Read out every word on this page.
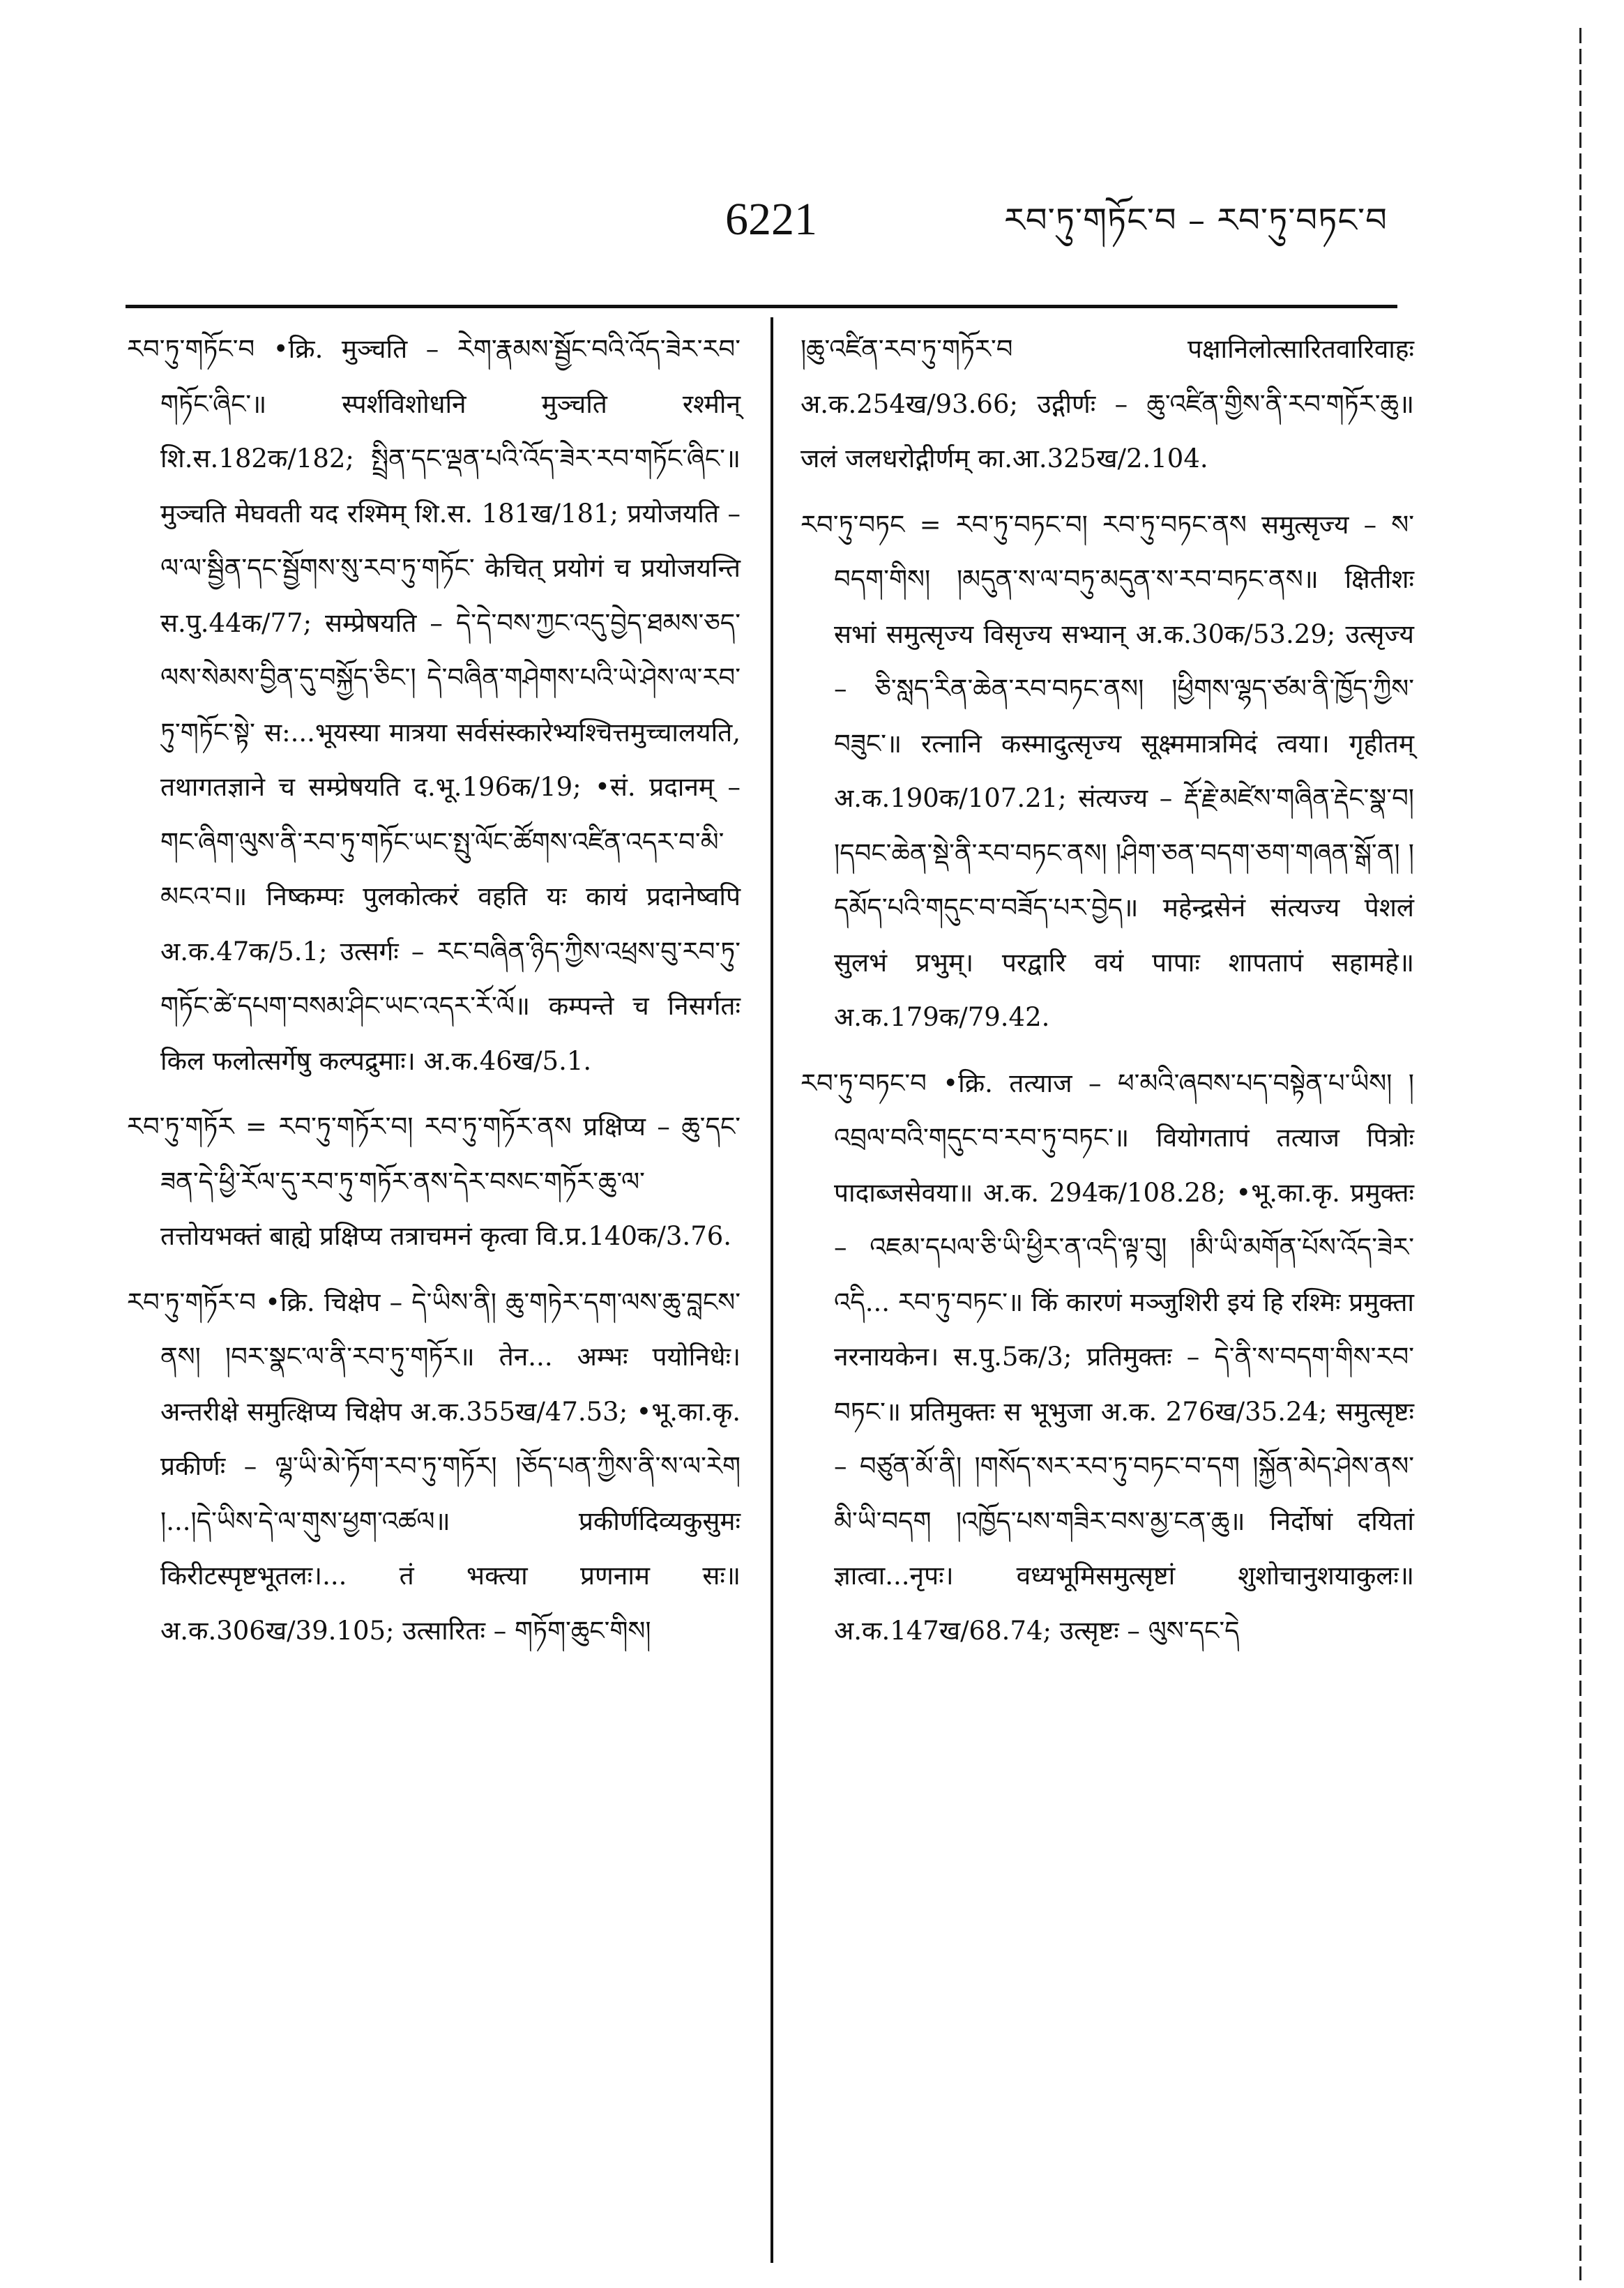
6221	རབ་ཏུ་གཏོང་བ – རབ་ཏུ་བཏང་བ

རབ་ཏུ་གཏོང་བ •क्रि. मुञ्चति – རེག་རྣམས་སྦྱོང་བའི་འོད་ཟེར་རབ་གཏོང་ཞིང་॥ स्पर्शविशोधनि मुञ्चति रश्मीन् शि.स.182क/182; སྤྲིན་དང་ལྡན་པའི་འོད་ཟེར་རབ་གཏོང་ཞིང་॥ मुञ्चति मेघवती यद रश्मिम् शि.स. 181ख/181; प्रयोजयति – ལ་ལ་སྦྱིན་དང་སྦྱོགས་སུ་རབ་ཏུ་གཏོང་ केचित् प्रयोगं च प्रयोजयन्ति स.पु.44क/77; सम्प्रेषयति – དེ་དེ་བས་ཀྱང་འདུ་བྱེད་ཐམས་ཅད་ལས་སེམས་བྱིན་དུ་བསྐྱོད་ཅིང་། དེ་བཞིན་གཤེགས་པའི་ཡེ་ཤེས་ལ་རབ་ཏུ་གཏོང་སྟེ་ स:...भूयस्या मात्रया सर्वसंस्कारेभ्यश्चित्तमुच्चालयति, तथागतज्ञाने च सम्प्रेषयति द.भू.196क/19; •सं. प्रदानम् – གང་ཞིག་ལུས་ནི་རབ་ཏུ་གཏོང་ཡང་སྤུ་ལོང་ཚོགས་འཛིན་འདར་བ་མི་མངའ་བ॥ निष्कम्पः पुलकोत्करं वहति यः कायं प्रदानेष्वपि अ.क.47क/5.1; उत्सर्गः – རང་བཞིན་ཉིད་ཀྱིས་འཕྲས་བུ་རབ་ཏུ་གཏོང་ཚེ་དཔག་བསམ་ཤིང་ཡང་འདར་རོ་ལོ॥ कम्पन्ते च निसर्गतः किल फलोत्सर्गेषु कल्पद्रुमाः। अ.क.46ख/5.1.

རབ་ཏུ་གཏོར = རབ་ཏུ་གཏོར་བ། རབ་ཏུ་གཏོར་ནས प्रक्षिप्य – ཆུ་དང་ཟན་དེ་ཕྱི་རོལ་དུ་རབ་ཏུ་གཏོར་ནས་དེར་བསང་གཏོར་ཆུ་ལ་ तत्तोयभक्तं बाह्ये प्रक्षिप्य तत्राचमनं कृत्वा वि.प्र.140क/3.76.

རབ་ཏུ་གཏོར་བ •क्रि. चिक्षेप – དེ་ཡིས་ནི། ཆུ་གཏེར་དག་ལས་ཆུ་བླངས་ནས། །བར་སྣང་ལ་ནི་རབ་ཏུ་གཏོར॥ तेन... अम्भः पयोनिधेः। अन्तरीक्षे समुत्क्षिप्य चिक्षेप अ.क.355ख/47.53; •भू.का.कृ. प्रकीर्णः – ལྷ་ཡི་མེ་ཏོག་རབ་ཏུ་གཏོར། །ཅོད་པན་ཀྱིས་ནི་ས་ལ་རེག །...།དེ་ཡིས་དེ་ལ་གུས་ཕྱག་འཚལ॥ प्रकीर्णदिव्यकुसुमः किरीटस्पृष्टभूतलः।... तं भक्त्या प्रणनाम सः॥ अ.क.306ख/39.105; उत्सारितः – གཏོག་ཆུང་གིས།

།ཆུ་འཛིན་རབ་ཏུ་གཏོར་བ पक्षानिलोत्सारितवारिवाहः अ.क.254ख/93.66; उद्गीर्णः – ཆུ་འཛིན་གྱིས་ནི་རབ་གཏོར་ཆུ॥ जलं जलधरोद्गीर्णम् का.आ.325ख/2.104.

རབ་ཏུ་བཏང = རབ་ཏུ་བཏང་བ། རབ་ཏུ་བཏང་ནས समुत्सृज्य – ས་བདག་གིས། །མདུན་ས་ལ་བཏུ་མདུན་ས་རབ་བཏང་ནས॥ क्षितीशः सभां समुत्सृज्य विसृज्य सभ्यान् अ.क.30क/53.29; उत्सृज्य – ཅི་སླད་རིན་ཆེན་རབ་བཏང་ནས། །ཕྱིགས་ལྷད་ཙམ་ནི་ཁྱོད་ཀྱིས་བཟུང་॥ रत्नानि कस्मादुत्सृज्य सूक्ष्ममात्रमिदं त्वया। गृहीतम् अ.क.190क/107.21; संत्यज्य – རྡོ་རྗེ་མཛེས་གཞིན་རྡེང་སྣ་བ། །དབང་ཆེན་སྡེ་ནི་རབ་བཏང་ནས། །ཤིག་ཅན་བདག་ཅག་གཞན་སྒོ་ན། །དམོད་པའི་གདུང་བ་བཟོད་པར་བྱེད॥ महेन्द्रसेनं संत्यज्य पेशलं सुलभं प्रभुम्। परद्वारि वयं पापाः शापतापं सहामहे॥ अ.क.179क/79.42.

རབ་ཏུ་བཏང་བ •क्रि. तत्याज – ཕ་མའི་ཞབས་པད་བསྟེན་པ་ཡིས། །འབྲལ་བའི་གདུང་བ་རབ་ཏུ་བཏང་॥ वियोगतापं तत्याज पित्रोः पादाब्जसेवया॥ अ.क. 294क/108.28; •भू.का.कृ. प्रमुक्तः – འཇམ་དཔལ་ཅི་ཡི་ཕྱིར་ན་འདི་ལྟ་བུ། །མི་ཡི་མགོན་པོས་འོད་ཟེར་འདི... རབ་ཏུ་བཏང་॥ किं कारणं मञ्जुशिरी इयं हि रश्मिः प्रमुक्ता नरनायकेन। स.पु.5क/3; प्रतिमुक्तः – དེ་ནི་ས་བདག་གིས་རབ་བཏང་॥ प्रतिमुक्तः स भूभुजा अ.क. 276ख/35.24; समुत्सृष्टः – བཙུན་མོ་ནི། །གསོད་སར་རབ་ཏུ་བཏང་བ་དག །སྐྱོན་མེད་ཤེས་ནས་མི་ཡི་བདག །འཁྱོད་པས་གཟིར་བས་མྱ་ངན་ཆུ॥ निर्दोषां दयितां ज्ञात्वा...नृपः। वध्यभूमिसमुत्सृष्टां शुशोचानुशयाकुलः॥ अ.क.147ख/68.74; उत्सृष्टः – ལུས་དང་དེ
